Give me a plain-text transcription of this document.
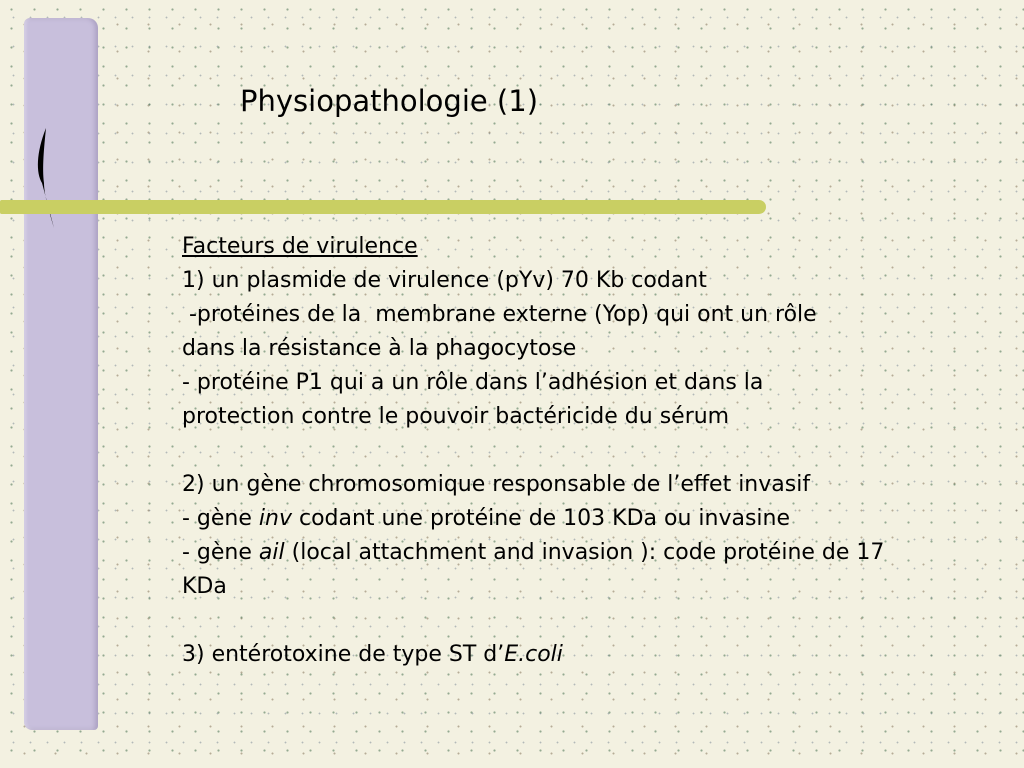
Physiopathologie (1)
Facteurs de virulence
1) un plasmide de virulence (pYv) 70 Kb codant
-protéines de la  membrane externe (Yop) qui ont un rôle
dans la résistance à la phagocytose
- protéine P1 qui a un rôle dans l’adhésion et dans la
protection contre le pouvoir bactéricide du sérum
2) un gène chromosomique responsable de l’effet invasif
- gène inv codant une protéine de 103 KDa ou invasine
- gène ail (local attachment and invasion ): code protéine de 17
KDa
3) entérotoxine de type ST d’E.coli
